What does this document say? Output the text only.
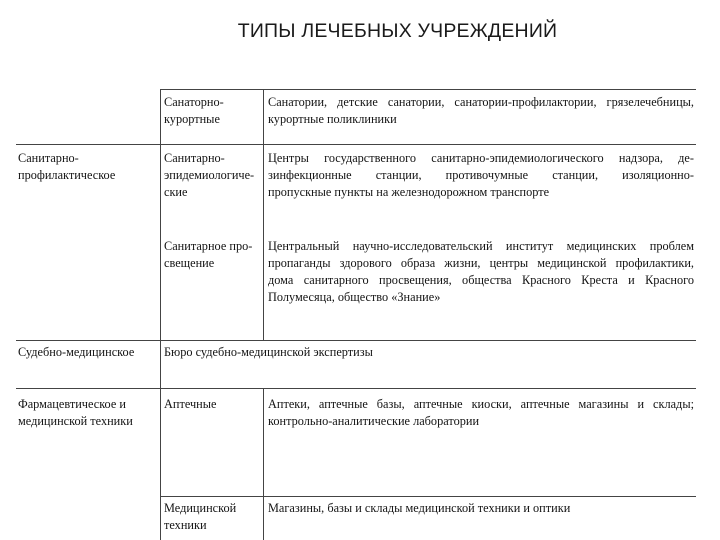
ТИПЫ ЛЕЧЕБНЫХ УЧРЕЖДЕНИЙ
Санаторно-
курортные
Санатории, детские санатории, санатории-профилактории, грязелечебницы,
курортные поликлиники
Санитарно-
профилактическое
Санитарно-
эпидемиологиче-
ские
Центры государственного санитарно-эпидемиологического надзора, де-
зинфекционные станции, противочумные станции, изоляционно-
пропускные пункты на железнодорожном транспорте
Санитарное про-
свещение
Центральный научно-исследовательский институт медицинских проблем
пропаганды здорового образа жизни, центры медицинской профилактики,
дома санитарного просвещения, общества Красного Креста и Красного
Полумесяца, общество «Знание»
Судебно-медицинское	Бюро судебно-медицинской экспертизы
Фармацевтическое и
медицинской техники
Аптечные	Аптеки, аптечные базы, аптечные киоски, аптечные магазины и склады;
контрольно-аналитические лаборатории
Медицинской
техники
Магазины, базы и склады медицинской техники и оптики
